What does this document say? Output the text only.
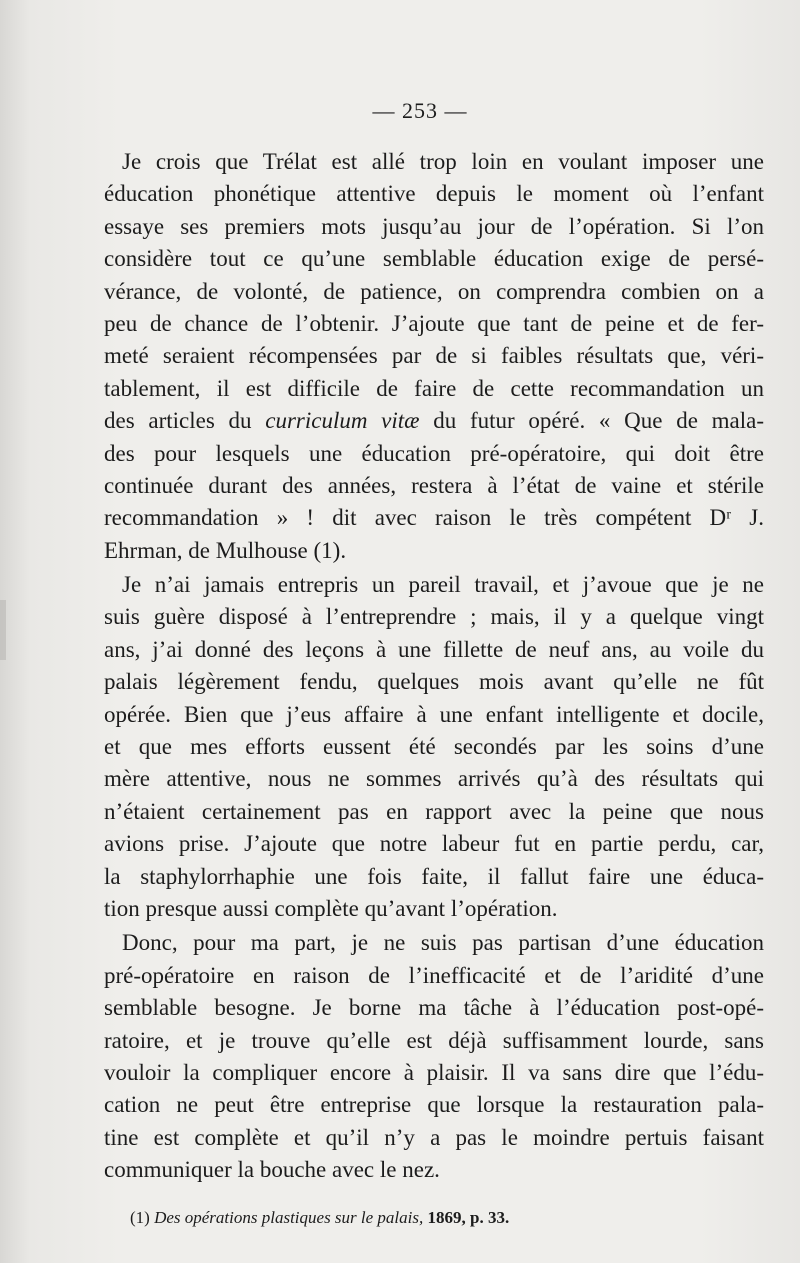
— 253 —
Je crois que Trélat est allé trop loin en voulant imposer une
éducation phonétique attentive depuis le moment où l’enfant
essaye ses premiers mots jusqu’au jour de l’opération. Si l’on
considère tout ce qu’une semblable éducation exige de persé-
vérance, de volonté, de patience, on comprendra combien on a
peu de chance de l’obtenir. J’ajoute que tant de peine et de fer-
meté seraient récompensées par de si faibles résultats que, véri-
tablement, il est difficile de faire de cette recommandation un
des articles du curriculum vitæ du futur opéré. « Que de mala-
des pour lesquels une éducation pré-opératoire, qui doit être
continuée durant des années, restera à l’état de vaine et stérile
recommandation » ! dit avec raison le très compétent Dʳ J.
Ehrman, de Mulhouse (1).
Je n’ai jamais entrepris un pareil travail, et j’avoue que je ne
suis guère disposé à l’entreprendre ; mais, il y a quelque vingt
ans, j’ai donné des leçons à une fillette de neuf ans, au voile du
palais légèrement fendu, quelques mois avant qu’elle ne fût
opérée. Bien que j’eus affaire à une enfant intelligente et docile,
et que mes efforts eussent été secondés par les soins d’une
mère attentive, nous ne sommes arrivés qu’à des résultats qui
n’étaient certainement pas en rapport avec la peine que nous
avions prise. J’ajoute que notre labeur fut en partie perdu, car,
la staphylorrhaphie une fois faite, il fallut faire une éduca-
tion presque aussi complète qu’avant l’opération.
Donc, pour ma part, je ne suis pas partisan d’une éducation
pré-opératoire en raison de l’inefficacité et de l’aridité d’une
semblable besogne. Je borne ma tâche à l’éducation post-opé-
ratoire, et je trouve qu’elle est déjà suffisamment lourde, sans
vouloir la compliquer encore à plaisir. Il va sans dire que l’édu-
cation ne peut être entreprise que lorsque la restauration pala-
tine est complète et qu’il n’y a pas le moindre pertuis faisant
communiquer la bouche avec le nez.
(1) Des opérations plastiques sur le palais, 1869, p. 33.
